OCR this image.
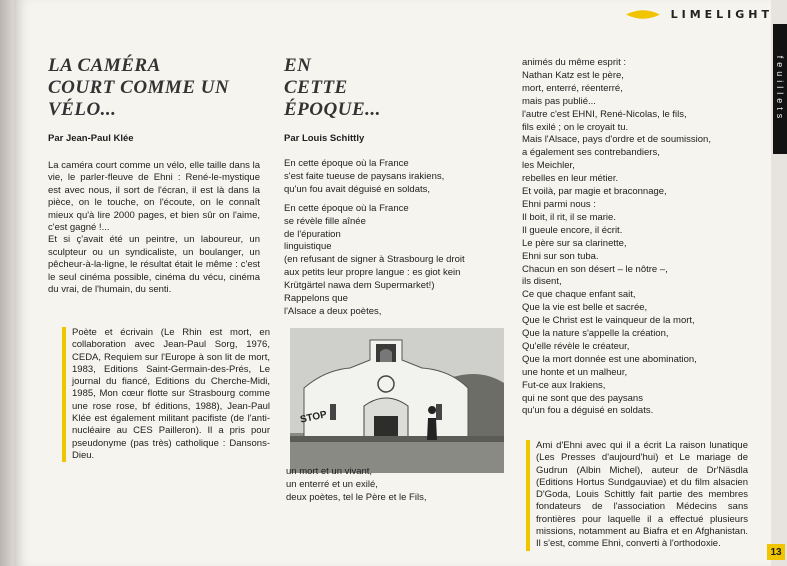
LIMELIGHT
feuillets
13
LA CAMÉRA
COURT COMME UN VÉLO...
Par Jean-Paul Klée

La caméra court comme un vélo, elle taille dans la vie, le parler-fleuve de Ehni : René-le-mystique est avec nous, il sort de l'écran, il est là dans la pièce, on le touche, on l'écoute, on le connaît mieux qu'à lire 2000 pages, et bien sûr on l'aime, c'est gagné !...

Et si ç'avait été un peintre, un laboureur, un sculpteur ou un syndicaliste, un boulanger, un pêcheur-à-la-ligne, le résultat était le même : c'est le seul cinéma possible, cinéma du vécu, cinéma du vrai, de l'humain, du senti.

Poète et écrivain (Le Rhin est mort, en collaboration avec Jean-Paul Sorg, 1976, CEDA, Requiem sur l'Europe à son lit de mort, 1983, Editions Saint-Germain-des-Prés, Le journal du fiancé, Editions du Cherche-Midi, 1985, Mon cœur flotte sur Strasbourg comme une rose rose, bf éditions, 1988), Jean-Paul Klée est également militant pacifiste (de l'anti-nucléaire au CES Pailleron). Il a pris pour pseudonyme (pas très) catholique : Dansons-Dieu.
EN
CETTE
ÉPOQUE...
Par Louis Schittly
En cette époque où la France
s'est faite tueuse de paysans irakiens,
qu'un fou avait déguisé en soldats,
En cette époque où la France
se révèle fille aînée
de l'épuration
linguistique
(en refusant de signer à Strasbourg le droit
aux petits leur propre langue : es giot kein
Krütgärtel nawa dem Supermarket!)
Rappelons que
l'Alsace a deux poètes,
STOP
un mort et un vivant,
un enterré et un exilé,
deux poètes, tel le Père et le Fils,
animés du même esprit :
Nathan Katz est le père,
mort, enterré, réenterré,
mais pas publié...
l'autre c'est EHNI, René-Nicolas, le fils,
fils exilé ; on le croyait tu.
Mais l'Alsace, pays d'ordre et de soumission,
a également ses contrebandiers,
les Meichler,
rebelles en leur métier.
Et voilà, par magie et braconnage,
Ehni parmi nous :
Il boit, il rit, il se marie.
Il gueule encore, il écrit.
Le père sur sa clarinette,
Ehni sur son tuba.
Chacun en son désert – le nôtre –,
ils disent,
Ce que chaque enfant sait,
Que la vie est belle et sacrée,
Que le Christ est le vainqueur de la mort,
Que la nature s'appelle la création,
Qu'elle révèle le créateur,
Que la mort donnée est une abomination,
une honte et un malheur,
Fut-ce aux Irakiens,
qui ne sont que des paysans
qu'un fou a déguisé en soldats.
Ami d'Ehni avec qui il a écrit La raison lunatique (Les Presses d'aujourd'hui) et Le mariage de Gudrun (Albin Michel), auteur de Dr'Näsdla (Editions Hortus Sundgauviae) et du film alsacien D'Goda, Louis Schittly fait partie des membres fondateurs de l'association Médecins sans frontières pour laquelle il a effectué plusieurs missions, notamment au Biafra et en Afghanistan. Il s'est, comme Ehni, converti à l'orthodoxie.
